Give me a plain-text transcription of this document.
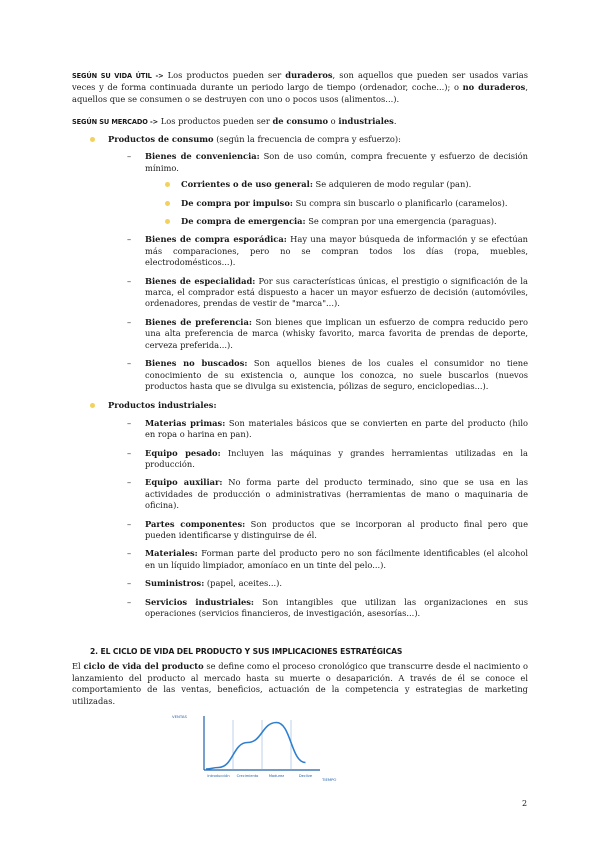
SEGÚN SU VIDA ÚTIL -> Los productos pueden ser duraderos, son aquellos que pueden ser usados varias veces y de forma continuada durante un periodo largo de tiempo (ordenador, coche...); o no duraderos, aquellos que se consumen o se destruyen con uno o pocos usos (alimentos...).

SEGÚN SU MERCADO -> Los productos pueden ser de consumo o industriales.

Productos de consumo (según la frecuencia de compra y esfuerzo):
– Bienes de conveniencia: Son de uso común, compra frecuente y esfuerzo de decisión mínimo.

Corrientes o de uso general: Se adquieren de modo regular (pan).
De compra por impulso: Su compra sin buscarlo o planificarlo (caramelos).
De compra de emergencia: Se compran por una emergencia (paraguas).
– Bienes de compra esporádica: Hay una mayor búsqueda de información y se efectúan más comparaciones, pero no se compran todos los días (ropa, muebles, electrodomésticos...).

– Bienes de especialidad: Por sus características únicas, el prestigio o significación de la marca, el comprador está dispuesto a hacer un mayor esfuerzo de decisión (automóviles, ordenadores, prendas de vestir de "marca"...).

– Bienes de preferencia: Son bienes que implican un esfuerzo de compra reducido pero una alta preferencia de marca (whisky favorito, marca favorita de prendas de deporte, cerveza preferida...).

– Bienes no buscados: Son aquellos bienes de los cuales el consumidor no tiene conocimiento de su existencia o, aunque los conozca, no suele buscarlos (nuevos productos hasta que se divulga su existencia, pólizas de seguro, enciclopedias...).

Productos industriales:
– Materias primas: Son materiales básicos que se convierten en parte del producto (hilo en ropa o harina en pan).

– Equipo pesado: Incluyen las máquinas y grandes herramientas utilizadas en la producción.

– Equipo auxiliar: No forma parte del producto terminado, sino que se usa en las actividades de producción o administrativas (herramientas de mano o maquinaria de oficina).

– Partes componentes: Son productos que se incorporan al producto final pero que pueden identificarse y distinguirse de él.

– Materiales: Forman parte del producto pero no son fácilmente identificables (el alcohol en un líquido limpiador, amoníaco en un tinte del pelo...).

– Suministros: (papel, aceites...).

– Servicios industriales: Son intangibles que utilizan las organizaciones en sus operaciones (servicios financieros, de investigación, asesorías...).

2. EL CICLO DE VIDA DEL PRODUCTO Y SUS IMPLICACIONES ESTRATÉGICAS

El ciclo de vida del producto se define como el proceso cronológico que transcurre desde el nacimiento o lanzamiento del producto al mercado hasta su muerte o desaparición. A través de él se conoce el comportamiento de las ventas, beneficios, actuación de la competencia y estrategias de marketing utilizadas.

VENTAS
TIEMPO
Introducción Crecimiento	Madurez	Declive
2
